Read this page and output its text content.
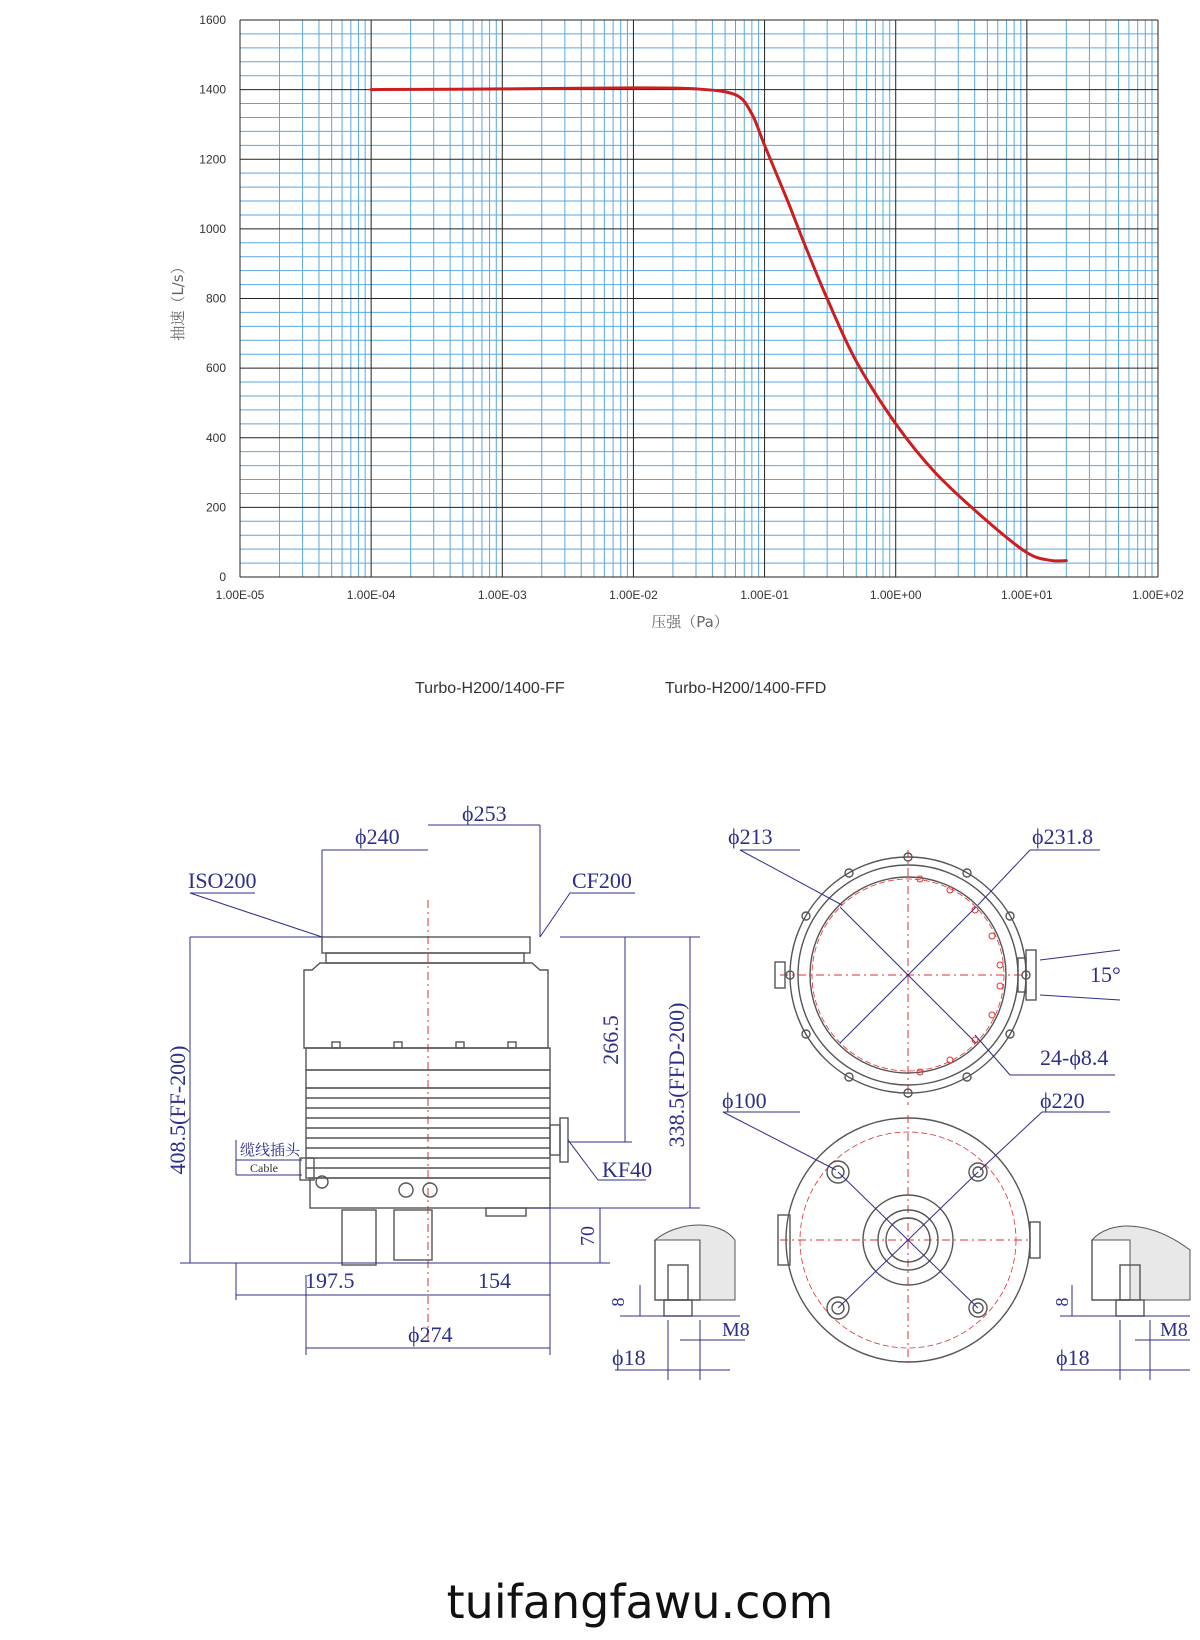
1.00E-05	1.00E-04	1.00E-03	1.00E-02	1.00E-01	1.00E+00	1.00E+01	1.00E+02
0
200
400
600
800
1000
1200
1400
1600
压强（Pa）
抽速（L/s）
Turbo-H200/1400-FF	Turbo-H200/1400-FFD
ISO200	CF200
ϕ240
ϕ253
408.5(FF-200)
266.5 338.5(FFD-200)
缆线插头
Cable	KF40
70
197.5	154
ϕ274
ϕ213	ϕ231.8
15°
24-ϕ8.4
ϕ100	ϕ220
8
M8
ϕ18
8
M8
ϕ18
tuifangfawu.com
